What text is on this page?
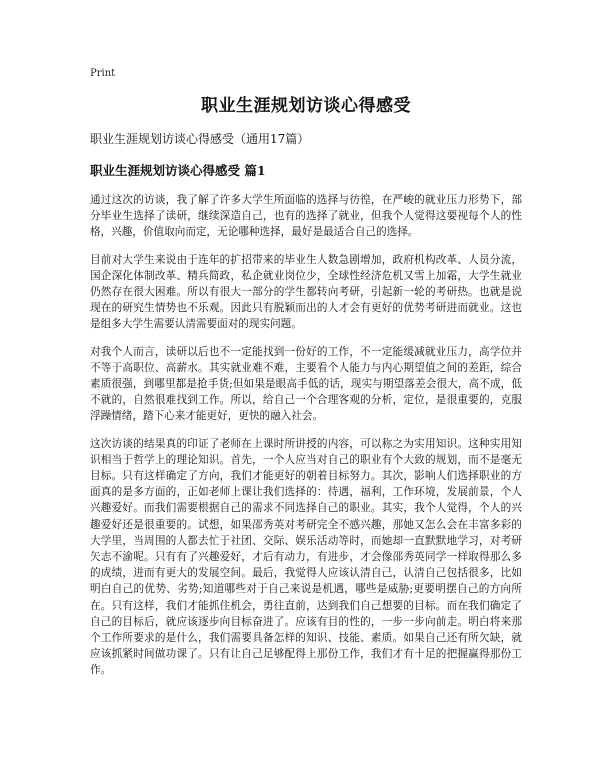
Print
职业生涯规划访谈心得感受
职业生涯规划访谈心得感受（通用17篇）
职业生涯规划访谈心得感受 篇1

通过这次的访谈，我了解了许多大学生所面临的选择与彷徨，在严峻的就业压力形势下，部分毕业生选择了读研，继续深造自己，也有的选择了就业，但我个人觉得这要视每个人的性格，兴趣，价值取向而定，无论哪种选择，最好是最适合自己的选择。

目前对大学生来说由于连年的扩招带来的毕业生人数急剧增加，政府机构改革、人员分流，国企深化体制改革、精兵简政，私企就业岗位少，全球性经济危机又雪上加霜，大学生就业仍然存在很大困难。所以有很大一部分的学生都转向考研，引起新一轮的考研热。也就是说现在的研究生情势也不乐观。因此只有脱颖而出的人才会有更好的优势考研进而就业。这也是组多大学生需要认清需要面对的现实问题。

对我个人而言，读研以后也不一定能找到一份好的工作，不一定能缓减就业压力，高学位并不等于高职位、高薪水。其实就业难不难，主要看个人能力与内心期望值之间的差距，综合素质很强，到哪里都是抢手货;但如果是眼高手低的话，现实与期望落差会很大，高不成，低不就的，自然很难找到工作。所以，给自己一个合理客观的分析，定位，是很重要的，克服浮躁情绪，踏下心来才能更好，更快的融入社会。

这次访谈的结果真的印证了老师在上课时所讲授的内容，可以称之为实用知识。这种实用知识相当于哲学上的理论知识。首先，一个人应当对自己的职业有个大致的规划，而不是毫无目标。只有这样确定了方向，我们才能更好的朝着目标努力。其次，影响人们选择职业的方面真的是多方面的，正如老师上课让我们选择的：待遇，福利，工作环境，发展前景，个人兴趣爱好。而我们需要根据自己的需求不同选择自己的职业。其实，我个人觉得，个人的兴趣爱好还是很重要的。试想，如果邵秀英对考研完全不感兴趣，那她又怎么会在丰富多彩的大学里，当周围的人都去忙于社团、交际、娱乐活动等时，而她却一直默默地学习，对考研矢志不渝呢。只有有了兴趣爱好，才后有动力，有进步，才会像邵秀英同学一样取得那么多的成绩，进而有更大的发展空间。最后，我觉得人应该认清自己，认清自己包括很多，比如明白自己的优势、劣势;知道哪些对于自己来说是机遇，哪些是威胁;更要明摆自己的方向所在。只有这样，我们才能抓住机会，勇往直前，达到我们自己想要的目标。而在我们确定了自己的目标后，就应该逐步向目标奋进了。应该有目的性的，一步一步向前走。明白将来那个工作所要求的是什么，我们需要具备怎样的知识、技能、素质。如果自己还有所欠缺，就应该抓紧时间做功课了。只有让自己足够配得上那份工作，我们才有十足的把握赢得那份工作。
